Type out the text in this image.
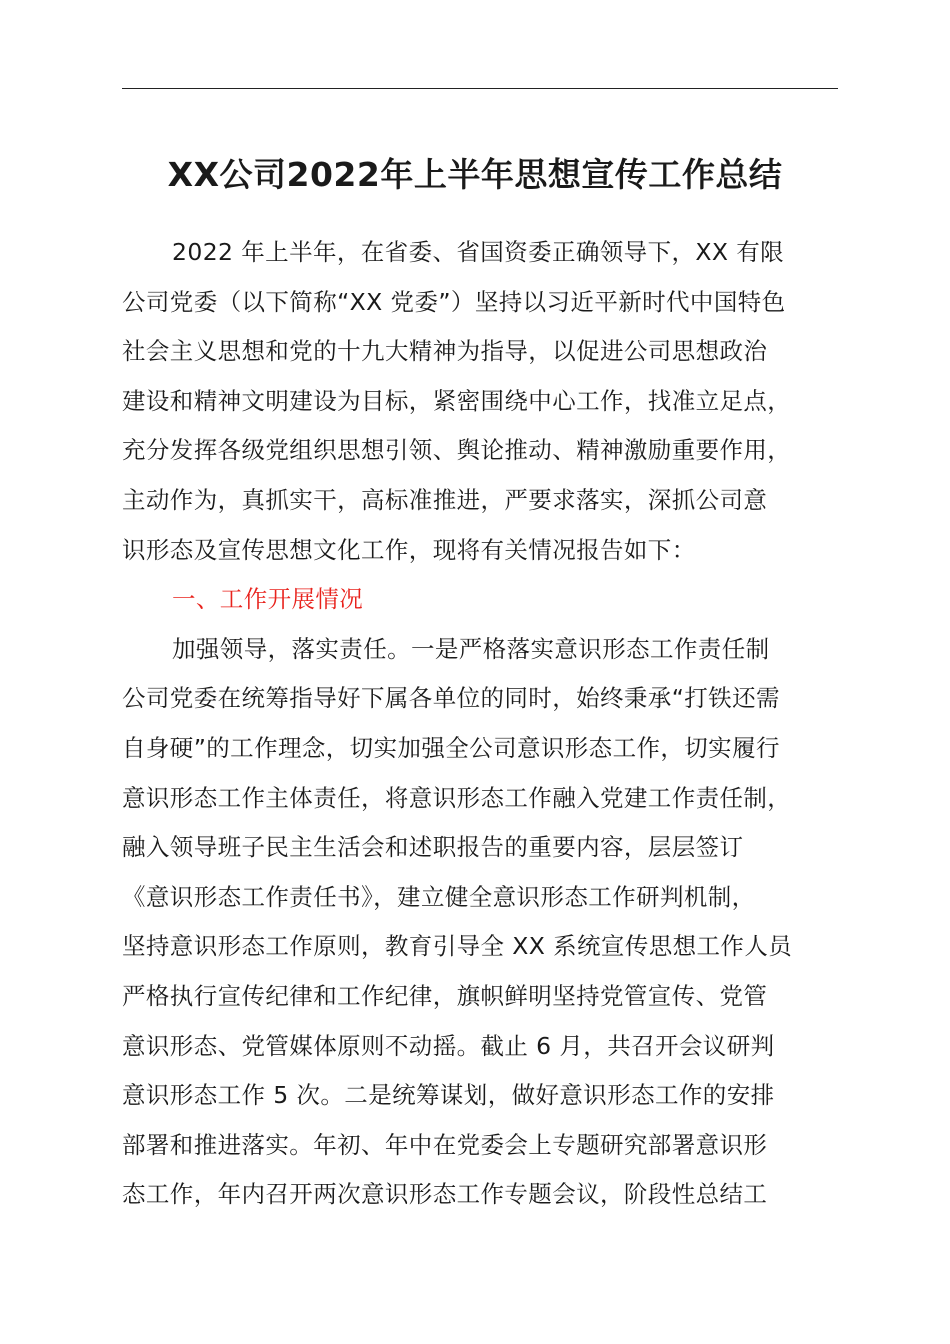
XX公司2022年上半年思想宣传工作总结
2022 年上半年，在省委、省国资委正确领导下，XX 有限
公司党委（以下简称“XX 党委”）坚持以习近平新时代中国特色
社会主义思想和党的十九大精神为指导，以促进公司思想政治
建设和精神文明建设为目标，紧密围绕中心工作，找准立足点，
充分发挥各级党组织思想引领、舆论推动、精神激励重要作用，
主动作为，真抓实干，高标准推进，严要求落实，深抓公司意
识形态及宣传思想文化工作，现将有关情况报告如下：
一、工作开展情况
加强领导，落实责任。一是严格落实意识形态工作责任制
公司党委在统筹指导好下属各单位的同时，始终秉承“打铁还需
自身硬”的工作理念，切实加强全公司意识形态工作，切实履行
意识形态工作主体责任，将意识形态工作融入党建工作责任制，
融入领导班子民主生活会和述职报告的重要内容，层层签订
《意识形态工作责任书》，建立健全意识形态工作研判机制，
坚持意识形态工作原则，教育引导全 XX 系统宣传思想工作人员
严格执行宣传纪律和工作纪律，旗帜鲜明坚持党管宣传、党管
意识形态、党管媒体原则不动摇。截止 6 月，共召开会议研判
意识形态工作 5 次。二是统筹谋划，做好意识形态工作的安排
部署和推进落实。年初、年中在党委会上专题研究部署意识形
态工作，年内召开两次意识形态工作专题会议，阶段性总结工
